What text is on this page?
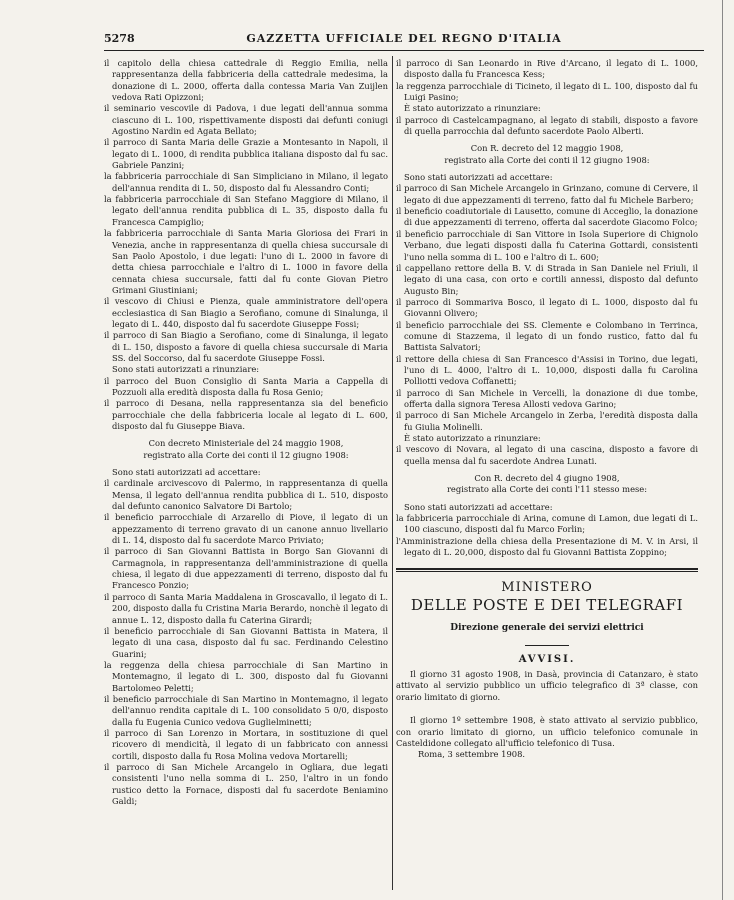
5278	GAZZETTA UFFICIALE DEL REGNO D'ITALIA
il capitolo della chiesa cattedrale di Reggio Emilia, nella rappresentanza della fabbriceria della cattedrale medesima, la donazione di L. 2000, offerta dalla contessa Maria Van Zuijlen vedova Rati Opizzoni;
il seminario vescovile di Padova, i due legati dell'annua somma ciascuno di L. 100, rispettivamente disposti dai defunti coniugi Agostino Nardin ed Agata Bellato;
il parroco di Santa Maria delle Grazie a Montesanto in Napoli, il legato di L. 1000, di rendita pubblica italiana disposto dal fu sac. Gabriele Panzini;
la fabbriceria parrocchiale di San Simpliciano in Milano, il legato dell'annua rendita di L. 50, disposto dal fu Alessandro Conti;
la fabbriceria parrocchiale di San Stefano Maggiore di Milano, il legato dell'annua rendita pubblica di L. 35, disposto dalla fu Francesca Campiglio;
la fabbriceria parrocchiale di Santa Maria Gloriosa dei Frari in Venezia, anche in rappresentanza di quella chiesa succursale di San Paolo Apostolo, i due legati: l'uno di L. 2000 in favore di detta chiesa parrocchiale e l'altro di L. 1000 in favore della cennata chiesa succursale, fatti dal fu conte Giovan Pietro Grimani Giustiniani;
il vescovo di Chiusi e Pienza, quale amministratore dell'opera ecclesiastica di San Biagio a Serofiano, comune di Sinalunga, il legato di L. 440, disposto dal fu sacerdote Giuseppe Fossi;
il parroco di San Biagio a Serofiano, come di Sinalunga, il legato di L. 150, disposto a favore di quella chiesa succursale di Maria SS. del Soccorso, dal fu sacerdote Giuseppe Fossi.
Sono stati autorizzati a rinunziare:
il parroco del Buon Consiglio di Santa Maria a Cappella di Pozzuoli alla eredità disposta dalla fu Rosa Genio;
il parroco di Desana, nella rappresentanza sia del beneficio parrocchiale che della fabbriceria locale al legato di L. 600, disposto dal fu Giuseppe Biava.
Con decreto Ministeriale del 24 maggio 1908,
registrato alla Corte dei conti il 12 giugno 1908:
Sono stati autorizzati ad accettare:
il cardinale arcivescovo di Palermo, in rappresentanza di quella Mensa, il legato dell'annua rendita pubblica di L. 510, disposto dal defunto canonico Salvatore Di Bartolo;
il beneficio parrocchiale di Arzarello di Piove, il legato di un appezzamento di terreno gravato di un canone annuo livellario di L. 14, disposto dal fu sacerdote Marco Priviato;
il parroco di San Giovanni Battista in Borgo San Giovanni di Carmagnola, in rappresentanza dell'amministrazione di quella chiesa, il legato di due appezzamenti di terreno, disposto dal fu Francesco Ponzio;
il parroco di Santa Maria Maddalena in Groscavallo, il legato di L. 200, disposto dalla fu Cristina Maria Berardo, nonchè il legato di annue L. 12, disposto dalla fu Caterina Girardi;
il beneficio parrocchiale di San Giovanni Battista in Matera, il legato di una casa, disposto dal fu sac. Ferdinando Celestino Guarini;
la reggenza della chiesa parrocchiale di San Martino in Montemagno, il legato di L. 300, disposto dal fu Giovanni Bartolomeo Peletti;
il beneficio parrocchiale di San Martino in Montemagno, il legato dell'annuo rendita capitale di L. 100 consolidato 5 0/0, disposto dalla fu Eugenia Cunico vedova Guglielminetti;
il parroco di San Lorenzo in Mortara, in sostituzione di quel ricovero di mendicità, il legato di un fabbricato con annessi cortili, disposto dalla fu Rosa Molina vedova Mortarelli;
il parroco di San Michele Arcangelo in Ogliara, due legati consistenti l'uno nella somma di L. 250, l'altro in un fondo rustico detto la Fornace, disposti dal fu sacerdote Beniamino Galdi;
il parroco di San Leonardo in Rive d'Arcano, il legato di L. 1000, disposto dalla fu Francesca Kess;
la reggenza parrocchiale di Ticineto, il legato di L. 100, disposto dal fu Luigi Pasino;
È stato autorizzato a rinunziare:
il parroco di Castelcampagnano, al legato di stabili, disposto a favore di quella parrocchia dal defunto sacerdote Paolo Alberti.
Con R. decreto del 12 maggio 1908,
registrato alla Corte dei conti il 12 giugno 1908:
Sono stati autorizzati ad accettare:
il parroco di San Michele Arcangelo in Grinzano, comune di Cervere, il legato di due appezzamenti di terreno, fatto dal fu Michele Barbero;
il beneficio coadiutoriale di Lausetto, comune di Acceglio, la donazione di due appezzamenti di terreno, offerta dal sacerdote Giacomo Folco;
il beneficio parrocchiale di San Vittore in Isola Superiore di Chignolo Verbano, due legati disposti dalla fu Caterina Gottardi, consistenti l'uno nella somma di L. 100 e l'altro di L. 600;
il cappellano rettore della B. V. di Strada in San Daniele nel Friuli, il legato di una casa, con orto e cortili annessi, disposto dal defunto Augusto Bin;
il parroco di Sommariva Bosco, il legato di L. 1000, disposto dal fu Giovanni Olivero;
il beneficio parrocchiale dei SS. Clemente e Colombano in Terrinca, comune di Stazzema, il legato di un fondo rustico, fatto dal fu Battista Salvatori;
il rettore della chiesa di San Francesco d'Assisi in Torino, due legati, l'uno di L. 4000, l'altro di L. 10,000, disposti dalla fu Carolina Polliotti vedova Coffanetti;
il parroco di San Michele in Vercelli, la donazione di due tombe, offerta dalla signora Teresa Allosti vedova Garino;
il parroco di San Michele Arcangelo in Zerba, l'eredità disposta dalla fu Giulia Molinelli.
È stato autorizzato a rinunziare:
il vescovo di Novara, al legato di una cascina, disposto a favore di quella mensa dal fu sacerdote Andrea Lunati.
Con R. decreto del 4 giugno 1908,
registrato alla Corte dei conti l'11 stesso mese:
Sono stati autorizzati ad accettare:
la fabbriceria parrocchiale di Arina, comune di Lamon, due legati di L. 100 ciascuno, disposti dal fu Marco Forlin;
l'Amministrazione della chiesa della Presentazione di M. V. in Arsi, il legato di L. 20,000, disposto dal fu Giovanni Battista Zoppino;
MINISTERO
DELLE POSTE E DEI TELEGRAFI
Direzione generale dei servizi elettrici
AVVISI.
Il giorno 31 agosto 1908, in Dasà, provincia di Catanzaro, è stato attivato al servizio pubblico un ufficio telegrafico di 3ª classe, con orario limitato di giorno.
Il giorno 1º settembre 1908, è stato attivato al servizio pubblico, con orario limitato di giorno, un ufficio telefonico comunale in Casteldidone collegato all'ufficio telefonico di Tusa.
Roma, 3 settembre 1908.
